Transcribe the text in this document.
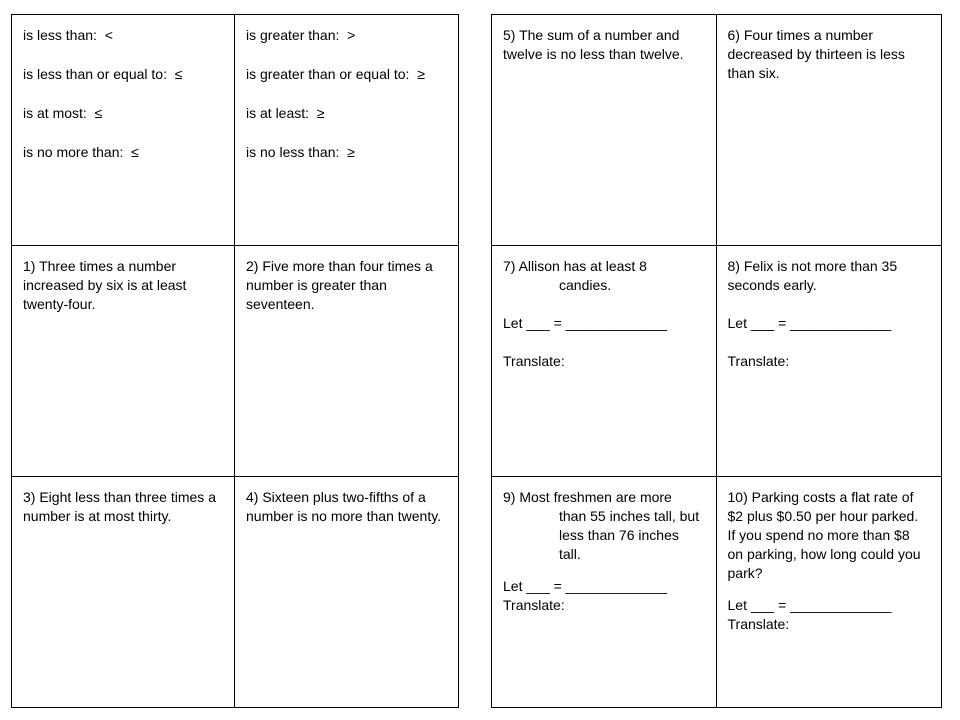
is less than:  <
is less than or equal to:  ≤
is at most:  ≤
is no more than:  ≤
is greater than:  >
is greater than or equal to:  ≥
is at least:  ≥
is no less than:  ≥
1) Three times a number
increased by six is at least twenty-four.
2) Five more than four times a number is greater than seventeen.
3) Eight less than three times a number is at most thirty.
4) Sixteen plus two-fifths of a number is no more than twenty.
5) The sum of a number and twelve is no less than twelve.
6) Four times a number decreased by thirteen is less than six.
7) Allison has at least 8
candies.
Let ___ = _____________
Translate:
8) Felix is not more than 35 seconds early.
Let ___ = _____________
Translate:
9) Most freshmen are more
than 55 inches tall, but less than 76 inches tall.
Let ___ = _____________
Translate:
10) Parking costs a flat rate of $2 plus $0.50 per hour parked. If you spend no more than $8 on parking, how long could you park?
Let ___ = _____________
Translate:
